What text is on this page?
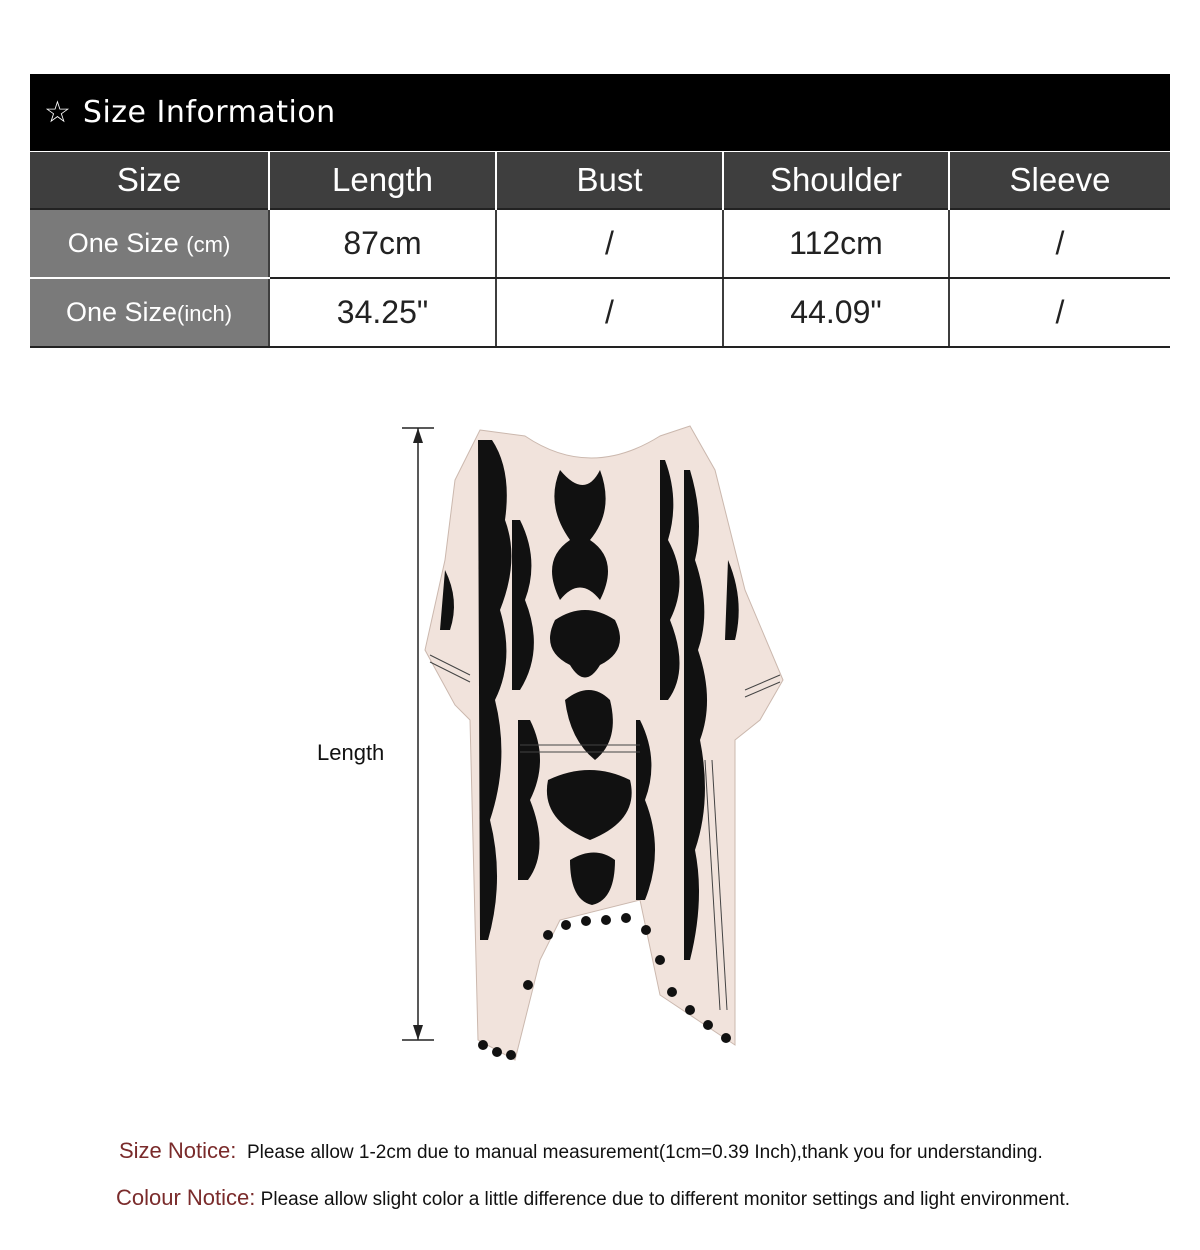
☆ Size Information
Size	Length	Bust	Shoulder	Sleeve
One Size (cm)	87cm	/	112cm	/
One Size(inch)	34.25"	/	44.09"	/
Length
Size Notice: Please allow 1-2cm due to manual measurement(1cm=0.39 Inch),thank you for understanding.
Colour Notice: Please allow slight color a little difference due to different monitor settings and light environment.
